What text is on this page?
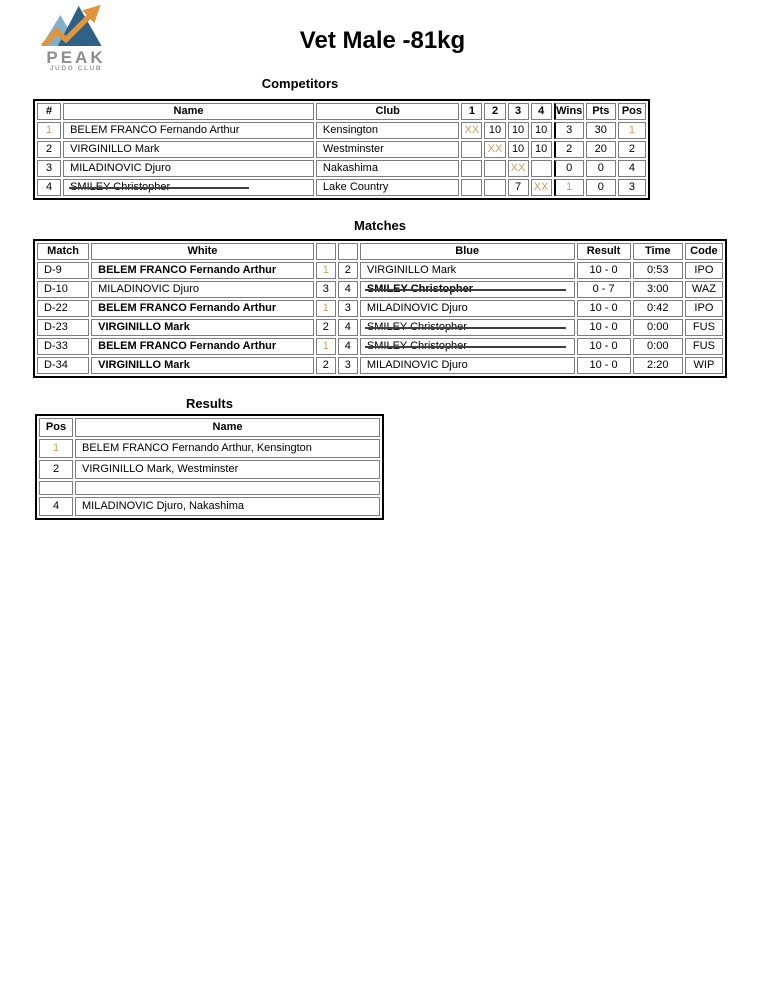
PEAK
JUDO CLUB
Vet Male -81kg
Competitors
#	Name	Club	1	2	3	4	Wins	Pts	Pos
1	BELEM FRANCO Fernando Arthur	Kensington	XX	10	10	10	3	30	1
2	VIRGINILLO Mark	Westminster		XX	10	10	2	20	2
3	MILADINOVIC Djuro	Nakashima			XX		0	0	4
4	SMILEY Christopher	Lake Country			7	XX	1	0	3
Matches
Match	White			Blue	Result	Time	Code
D-9	BELEM FRANCO Fernando Arthur	1	2	VIRGINILLO Mark	10 - 0	0:53	IPO
D-10	MILADINOVIC Djuro	3	4	SMILEY Christopher	0 - 7	3:00	WAZ
D-22	BELEM FRANCO Fernando Arthur	1	3	MILADINOVIC Djuro	10 - 0	0:42	IPO
D-23	VIRGINILLO Mark	2	4	SMILEY Christopher	10 - 0	0:00	FUS
D-33	BELEM FRANCO Fernando Arthur	1	4	SMILEY Christopher	10 - 0	0:00	FUS
D-34	VIRGINILLO Mark	2	3	MILADINOVIC Djuro	10 - 0	2:20	WIP
Results
Pos	Name
1	BELEM FRANCO Fernando Arthur, Kensington
2	VIRGINILLO Mark, Westminster

4	MILADINOVIC Djuro, Nakashima
